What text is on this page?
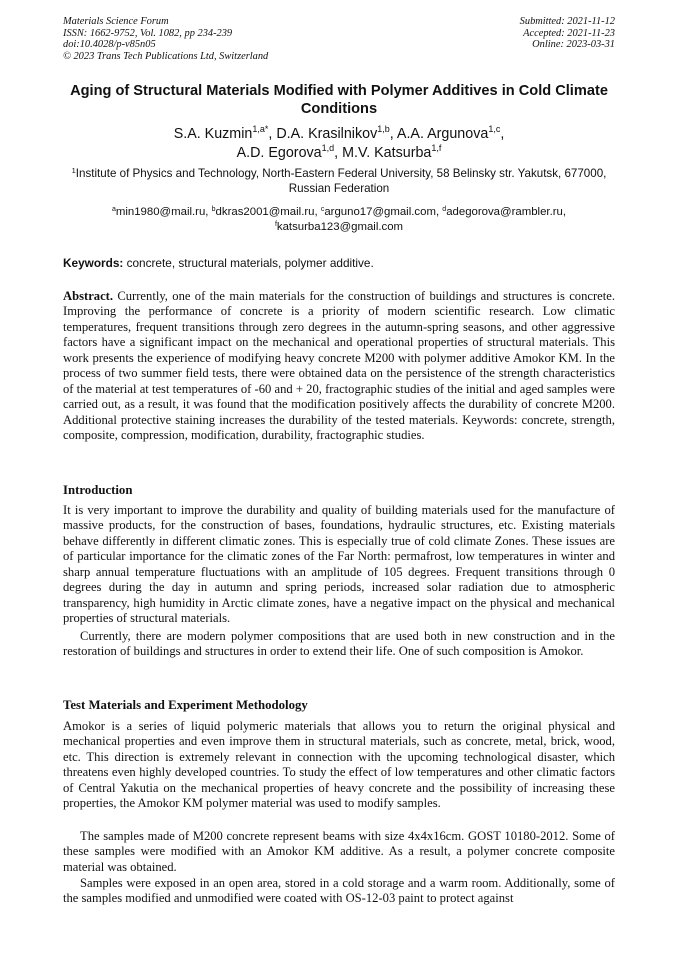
Materials Science Forum
ISSN: 1662-9752, Vol. 1082, pp 234-239
doi:10.4028/p-v85n05
© 2023 Trans Tech Publications Ltd, Switzerland
Submitted: 2021-11-12
Accepted: 2021-11-23
Online: 2023-03-31
Aging of Structural Materials Modified with Polymer Additives in Cold Climate Conditions
S.A. Kuzmin$^{1,a*}$, D.A. Krasilnikov$^{1,b}$, A.A. Argunova$^{1,c}$,
A.D. Egorova$^{1,d}$, M.V. Katsurba$^{1,f}$
$^1$Institute of Physics and Technology, North-Eastern Federal University, 58 Belinsky str. Yakutsk, 677000, Russian Federation
$^a$min1980@mail.ru, $^b$dkras2001@mail.ru, $^c$arguno17@gmail.com, $^d$adegorova@rambler.ru,
$^f$katsurba123@gmail.com
Keywords: concrete, structural materials, polymer additive.

Abstract. Currently, one of the main materials for the construction of buildings and structures is concrete. Improving the performance of concrete is a priority of modern scientific research. Low climatic temperatures, frequent transitions through zero degrees in the autumn-spring seasons, and other aggressive factors have a significant impact on the mechanical and operational properties of structural materials. This work presents the experience of modifying heavy concrete M200 with polymer additive Amokor KM. In the process of two summer field tests, there were obtained data on the persistence of the strength characteristics of the material at test temperatures of -60 and + 20, fractographic studies of the initial and aged samples were carried out, as a result, it was found that the modification positively affects the durability of concrete M200. Additional protective staining increases the durability of the tested materials. Keywords: concrete, strength, composite, compression, modification, durability, fractographic studies.

Introduction

It is very important to improve the durability and quality of building materials used for the manufacture of massive products, for the construction of bases, foundations, hydraulic structures, etc. Existing materials behave differently in different climatic zones. This is especially true of cold climate Zones. These issues are of particular importance for the climatic zones of the Far North: permafrost, low temperatures in winter and sharp annual temperature fluctuations with an amplitude of 105 degrees. Frequent transitions through 0 degrees during the day in autumn and spring periods, increased solar radiation due to atmospheric transparency, high humidity in Arctic climate zones, have a negative impact on the physical and mechanical properties of structural materials.

Currently, there are modern polymer compositions that are used both in new construction and in the restoration of buildings and structures in order to extend their life. One of such composition is Amokor.

Test Materials and Experiment Methodology

Amokor is a series of liquid polymeric materials that allows you to return the original physical and mechanical properties and even improve them in structural materials, such as concrete, metal, brick, wood, etc. This direction is extremely relevant in connection with the upcoming technological disaster, which threatens even highly developed countries. To study the effect of low temperatures and other climatic factors of Central Yakutia on the mechanical properties of heavy concrete and the possibility of increasing these properties, the Amokor KM polymer material was used to modify samples.

The samples made of M200 concrete represent beams with size 4x4x16cm. GOST 10180-2012. Some of these samples were modified with an Amokor KM additive. As a result, a polymer concrete composite material was obtained.

Samples were exposed in an open area, stored in a cold storage and a warm room. Additionally, some of the samples modified and unmodified were coated with OS-12-03 paint to protect against
